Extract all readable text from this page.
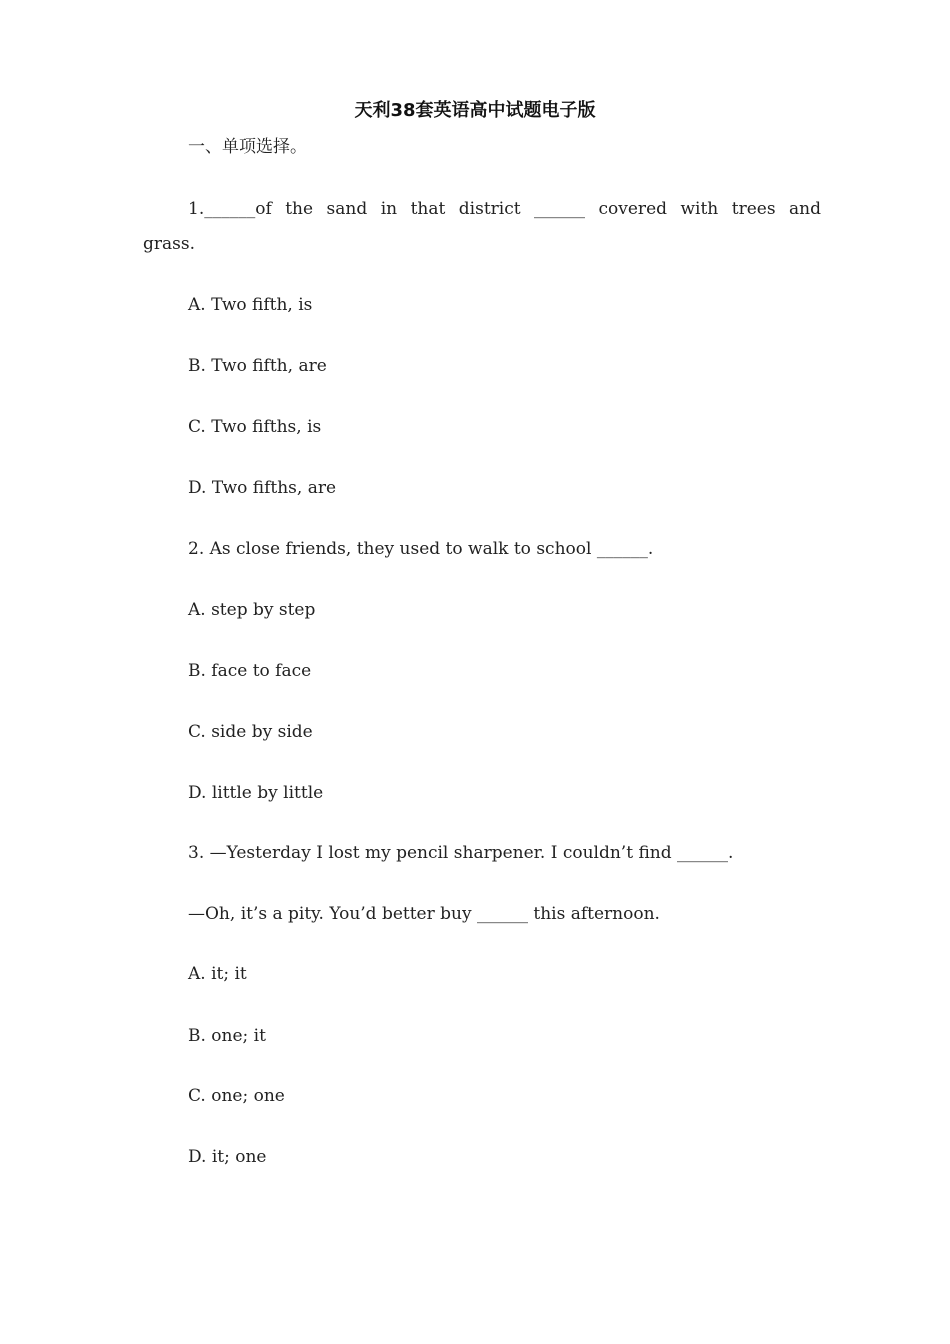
天利38套英语高中试题电子版
一、单项选择。
1.______of the sand in that district ______ covered with trees and
grass.
A. Two fifth, is
B. Two fifth, are
C. Two fifths, is
D. Two fifths, are
2. As close friends, they used to walk to school ______.
A. step by step
B. face to face
C. side by side
D. little by little
3. —Yesterday I lost my pencil sharpener. I couldn’t find ______.
—Oh, it’s a pity. You’d better buy ______ this afternoon.
A. it; it
B. one; it
C. one; one
D. it; one
